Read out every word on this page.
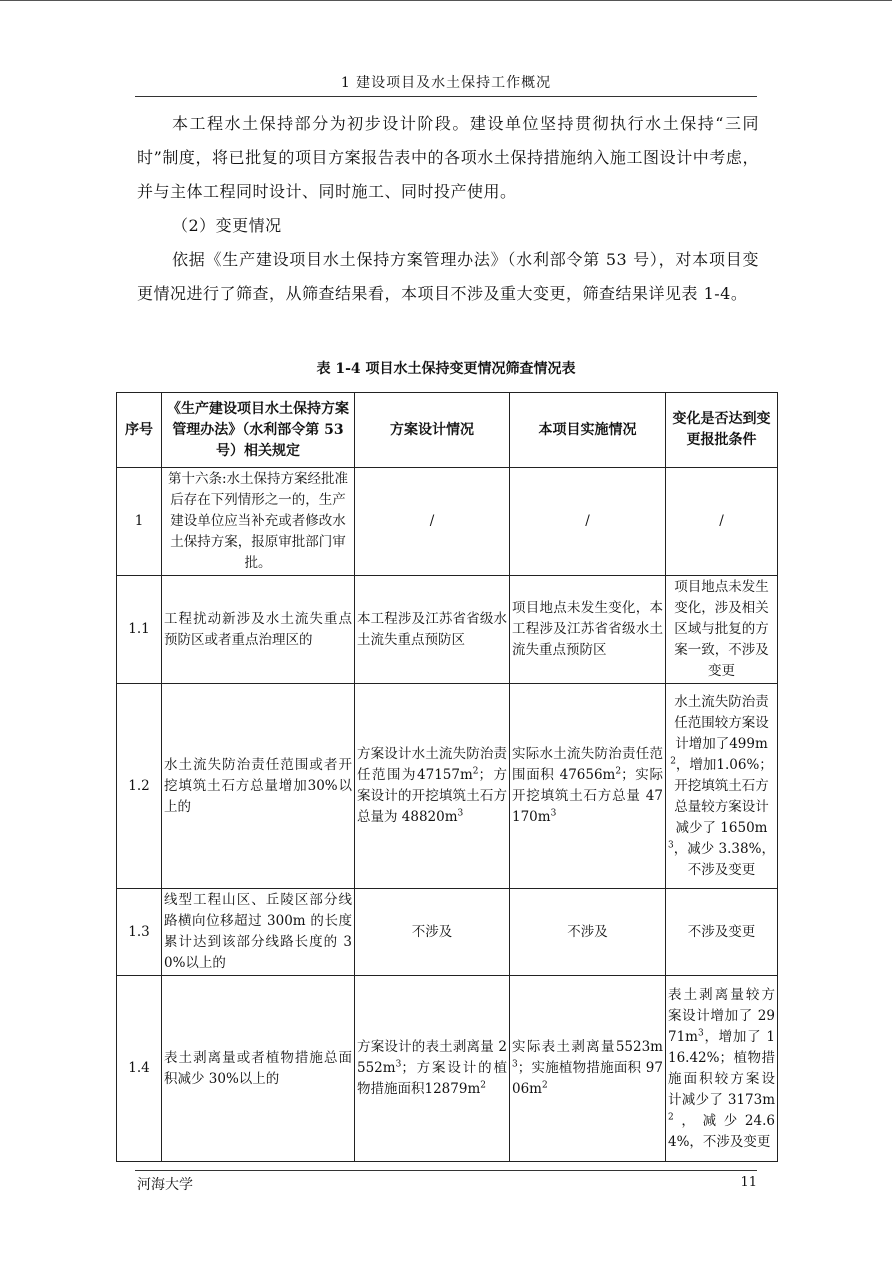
1 建设项目及水土保持工作概况

本工程水土保持部分为初步设计阶段。建设单位坚持贯彻执行水土保持“三同时”制度，将已批复的项目方案报告表中的各项水土保持措施纳入施工图设计中考虑，并与主体工程同时设计、同时施工、同时投产使用。

（2）变更情况

依据《生产建设项目水土保持方案管理办法》（水利部令第 53 号），对本项目变更情况进行了筛查，从筛查结果看，本项目不涉及重大变更，筛查结果详见表 1-4。

表 1-4 项目水土保持变更情况筛查情况表
序号	《生产建设项目水土保持方案管理办法》（水利部令第 53 号）相关规定	方案设计情况	本项目实施情况	变化是否达到变更报批条件
1	第十六条:水土保持方案经批准后存在下列情形之一的，生产建设单位应当补充或者修改水土保持方案，报原审批部门审批。	/	/	/
1.1	工程扰动新涉及水土流失重点预防区或者重点治理区的	本工程涉及江苏省省级水土流失重点预防区	项目地点未发生变化，本工程涉及江苏省省级水土流失重点预防区	项目地点未发生变化，涉及相关区域与批复的方案一致，不涉及变更
1.2	水土流失防治责任范围或者开挖填筑土石方总量增加30%以上的	方案设计水土流失防治责任范围为$47157m^2$；方案设计的开挖填筑土石方总量为 $48820m^3$	实际水土流失防治责任范围面积 $47656m^2$；实际开挖填筑土石方总量 $47170m^3$	水土流失防治责任范围较方案设计增加了$499m^2$，增加1.06%；开挖填筑土石方总量较方案设计减少了 $1650m^3$，减少 3.38%，不涉及变更
1.3	线型工程山区、丘陵区部分线路横向位移超过 300m 的长度累计达到该部分线路长度的 30%以上的	不涉及	不涉及	不涉及变更
1.4	表土剥离量或者植物措施总面积减少 30%以上的	方案设计的表土剥离量 $2552m^3$；方案设计的植物措施面积$12879m^2$	实际表土剥离量$5523m^3$；实施植物措施面积 $9706m^2$	表土剥离量较方案设计增加了 $2971m^3$，增加了 116.42%；植物措施面积较方案设计减少了 $3173m^2$，减少24.64%，不涉及变更
河海大学	11
